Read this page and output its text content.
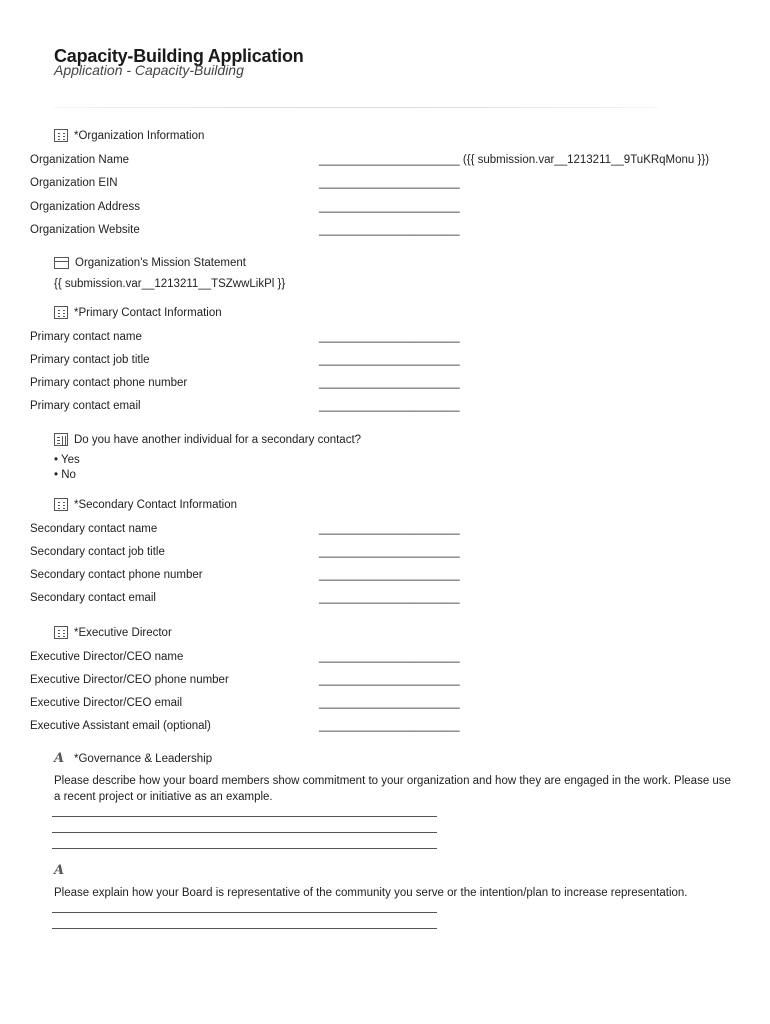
Capacity-Building Application
Application - Capacity-Building
*Organization Information
Organization Name	______________________ ({{ submission.var__1213211__9TuKRqMonu }})
Organization EIN	______________________
Organization Address	______________________
Organization Website	______________________
Organization's Mission Statement
{{ submission.var__1213211__TSZwwLikPl }}
*Primary Contact Information
Primary contact name	______________________
Primary contact job title	______________________
Primary contact phone number	______________________
Primary contact email	______________________
Do you have another individual for a secondary contact?
• Yes
• No
*Secondary Contact Information
Secondary contact name	______________________
Secondary contact job title	______________________
Secondary contact phone number	______________________
Secondary contact email	______________________
*Executive Director
Executive Director/CEO name	______________________
Executive Director/CEO phone number	______________________
Executive Director/CEO email	______________________
Executive Assistant email (optional)	______________________
A *Governance & Leadership
Please describe how your board members show commitment to your organization and how they are engaged in the work. Please use
a recent project or initiative as an example.
A
Please explain how your Board is representative of the community you serve or the intention/plan to increase representation.
